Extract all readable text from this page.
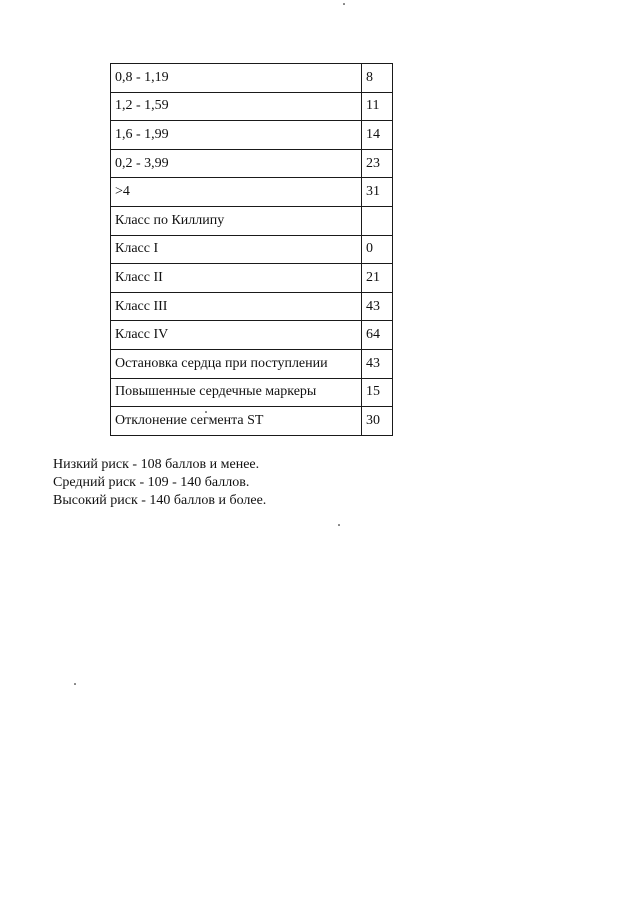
0,8 - 1,19	8
1,2 - 1,59	11
1,6 - 1,99	14
0,2 - 3,99	23
>4	31
Класс по Киллипу	
Класс I	0
Класс II	21
Класс III	43
Класс IV	64
Остановка сердца при поступлении	43
Повышенные сердечные маркеры	15
Отклонение сегмента ST	30
Низкий риск - 108 баллов и менее.
Средний риск - 109 - 140 баллов.
Высокий риск - 140 баллов и более.
